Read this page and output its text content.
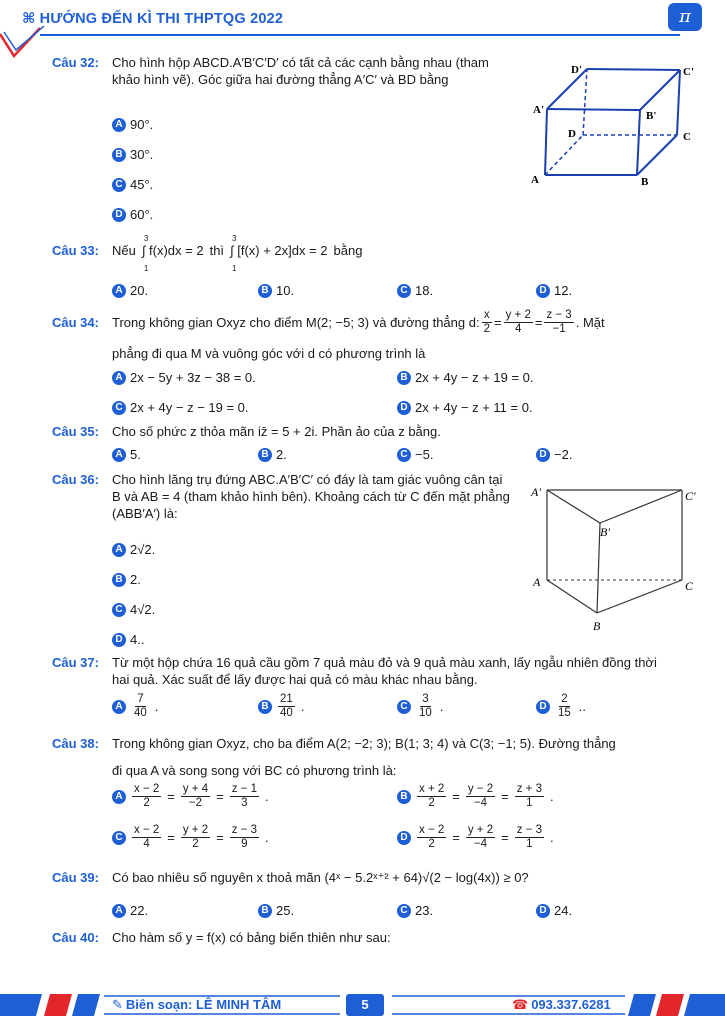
⌘ HƯỚNG ĐẾN KÌ THI THPTQG 2022	π
Câu 32:	Cho hình hộp ABCD.A′B′C′D′ có tất cả các cạnh bằng nhau (tham khảo hình vẽ). Góc giữa hai đường thẳng A′C′ và BD bằng
A 90°.
B 30°.
C 45°.
D 60°.
D'	C'
A'	B'
D	C
A	B
Câu 33:	Nếu
3
1
∫ f(x)dx = 2 thì
3
1
∫ [f(x) + 2x]dx = 2 bằng
A 20.	B 10.	C 18.	D 12.
Câu 34:	Trong không gian Oxyz cho điểm M(2; −5; 3) và đường thẳng d: $\frac{x}{2} = \frac{y + 2}{4} = \frac{z - 3}{-1}$ . Mặt
phẳng đi qua M và vuông góc với d có phương trình là
A 2x − 5y + 3z − 38 = 0.	B 2x + 4y − z + 19 = 0.
C 2x + 4y − z − 19 = 0.	D 2x + 4y − z + 11 = 0.
Câu 35:	Cho số phức z thỏa mãn iz̄ = 5 + 2i. Phần ảo của z bằng.
A 5.	B 2.	C −5.	D −2.
Câu 36:	Cho hình lăng trụ đứng ABC.A′B′C′ có đáy là tam giác vuông cân tại B và AB = 4 (tham khảo hình bên). Khoảng cách từ C đến mặt phẳng (ABB′A′) là:
A 2√2.
B 2.
C 4√2.
D 4..
A'	C'
B'
A	C
B
Câu 37:	Từ một hộp chứa 16 quả cầu gồm 7 quả màu đỏ và 9 quả màu xanh, lấy ngẫu nhiên đồng thời hai quả. Xác suất để lấy được hai quả có màu khác nhau bằng.
A $\frac{7}{40}$ .	B $\frac{21}{40}$ .	C $\frac{3}{10}$ .	D $\frac{2}{15}$ ..
Câu 38:	Trong không gian Oxyz, cho ba điểm A(2; −2; 3); B(1; 3; 4) và C(3; −1; 5). Đường thẳng
đi qua A và song song với BC có phương trình là:
A $\frac{x - 2}{2} = \frac{y + 4}{-2} = \frac{z - 1}{3}$ .	B $\frac{x + 2}{2} = \frac{y - 2}{-4} = \frac{z + 3}{1}$ .
C $\frac{x - 2}{4} = \frac{y + 2}{2} = \frac{z - 3}{9}$ .	D $\frac{x - 2}{2} = \frac{y + 2}{-4} = \frac{z - 3}{1}$ .
Câu 39:	Có bao nhiêu số nguyên x thoả mãn (4ˣ − 5.2ˣ⁺² + 64)√(2 − log(4x)) ≥ 0?
A 22.	B 25.	C 23.	D 24.
Câu 40:	Cho hàm số y = f(x) có bảng biến thiên như sau:
✎ Biên soạn: LÊ MINH TÂM	5	☎ 093.337.6281
